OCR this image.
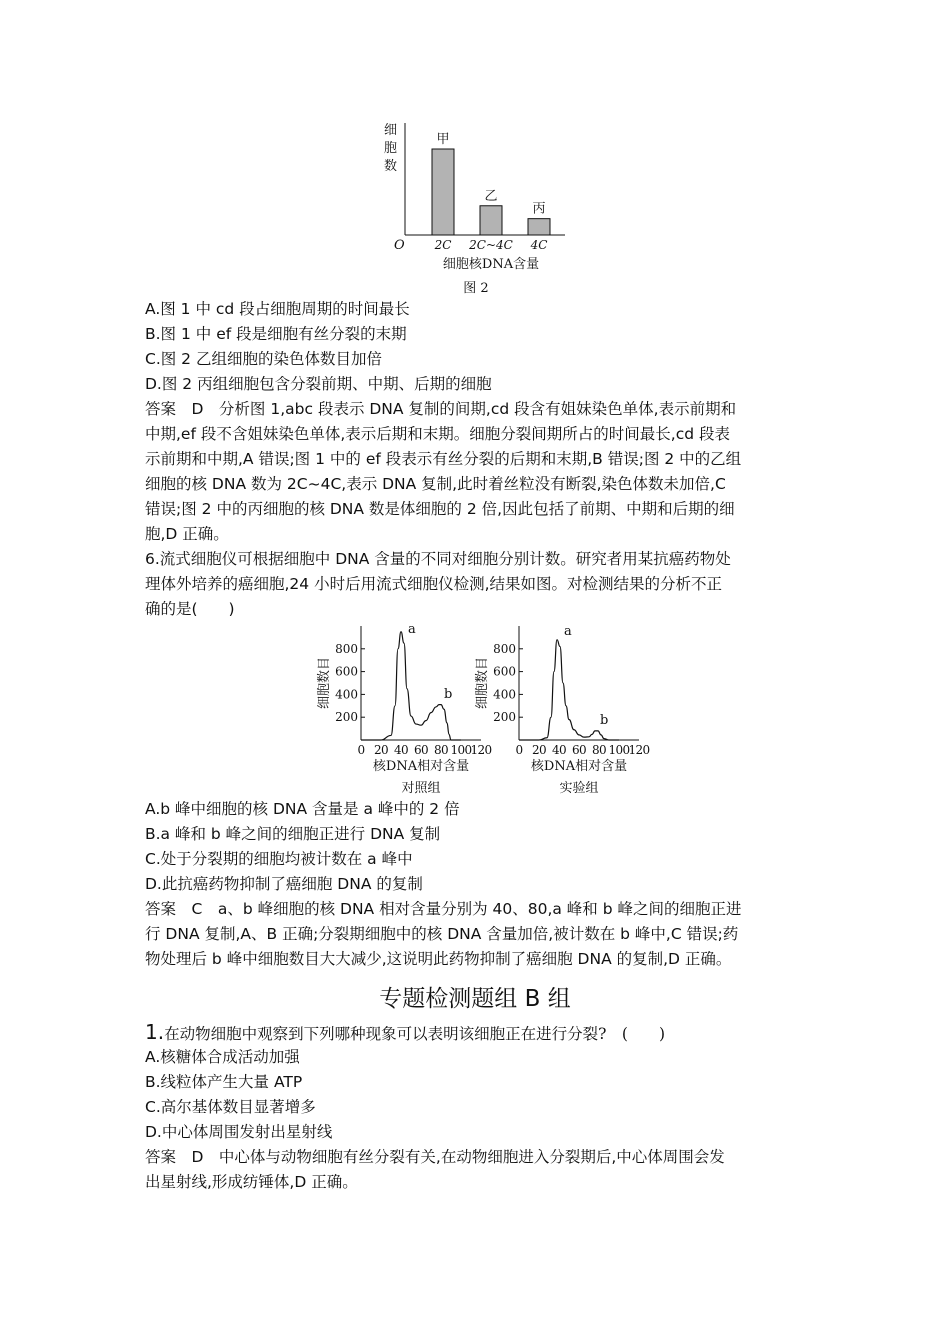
细
胞
数
O
甲
2C
乙
2C~4C
丙
4C
细胞核DNA含量
图 2
A.图 1 中 cd 段占细胞周期的时间最长
B.图 1 中 ef 段是细胞有丝分裂的末期
C.图 2 乙组细胞的染色体数目加倍
D.图 2 丙组细胞包含分裂前期、中期、后期的细胞
答案　D　分析图 1,abc 段表示 DNA 复制的间期,cd 段含有姐妹染色单体,表示前期和
中期,ef 段不含姐妹染色单体,表示后期和末期。细胞分裂间期所占的时间最长,cd 段表
示前期和中期,A 错误;图 1 中的 ef 段表示有丝分裂的后期和末期,B 错误;图 2 中的乙组
细胞的核 DNA 数为 2C~4C,表示 DNA 复制,此时着丝粒没有断裂,染色体数未加倍,C
错误;图 2 中的丙细胞的核 DNA 数是体细胞的 2 倍,因此包括了前期、中期和后期的细
胞,D 正确。
6.流式细胞仪可根据细胞中 DNA 含量的不同对细胞分别计数。研究者用某抗癌药物处
理体外培养的癌细胞,24 小时后用流式细胞仪检测,结果如图。对检测结果的分析不正
确的是(　　)
细胞数目
200
400
600
800
0 20 40 60 80 100
120
a
b
核DNA相对含量
对照组
细胞数目
200
400
600
800
0 20 40 60 80 100
120
a
b
核DNA相对含量
实验组
A.b 峰中细胞的核 DNA 含量是 a 峰中的 2 倍
B.a 峰和 b 峰之间的细胞正进行 DNA 复制
C.处于分裂期的细胞均被计数在 a 峰中
D.此抗癌药物抑制了癌细胞 DNA 的复制
答案　C　a、b 峰细胞的核 DNA 相对含量分别为 40、80,a 峰和 b 峰之间的细胞正进
行 DNA 复制,A、B 正确;分裂期细胞中的核 DNA 含量加倍,被计数在 b 峰中,C 错误;药
物处理后 b 峰中细胞数目大大减少,这说明此药物抑制了癌细胞 DNA 的复制,D 正确。
专题检测题组 B 组
1.在动物细胞中观察到下列哪种现象可以表明该细胞正在进行分裂?　(　　)
A.核糖体合成活动加强
B.线粒体产生大量 ATP
C.高尔基体数目显著增多
D.中心体周围发射出星射线
答案　D　中心体与动物细胞有丝分裂有关,在动物细胞进入分裂期后,中心体周围会发
出星射线,形成纺锤体,D 正确。
